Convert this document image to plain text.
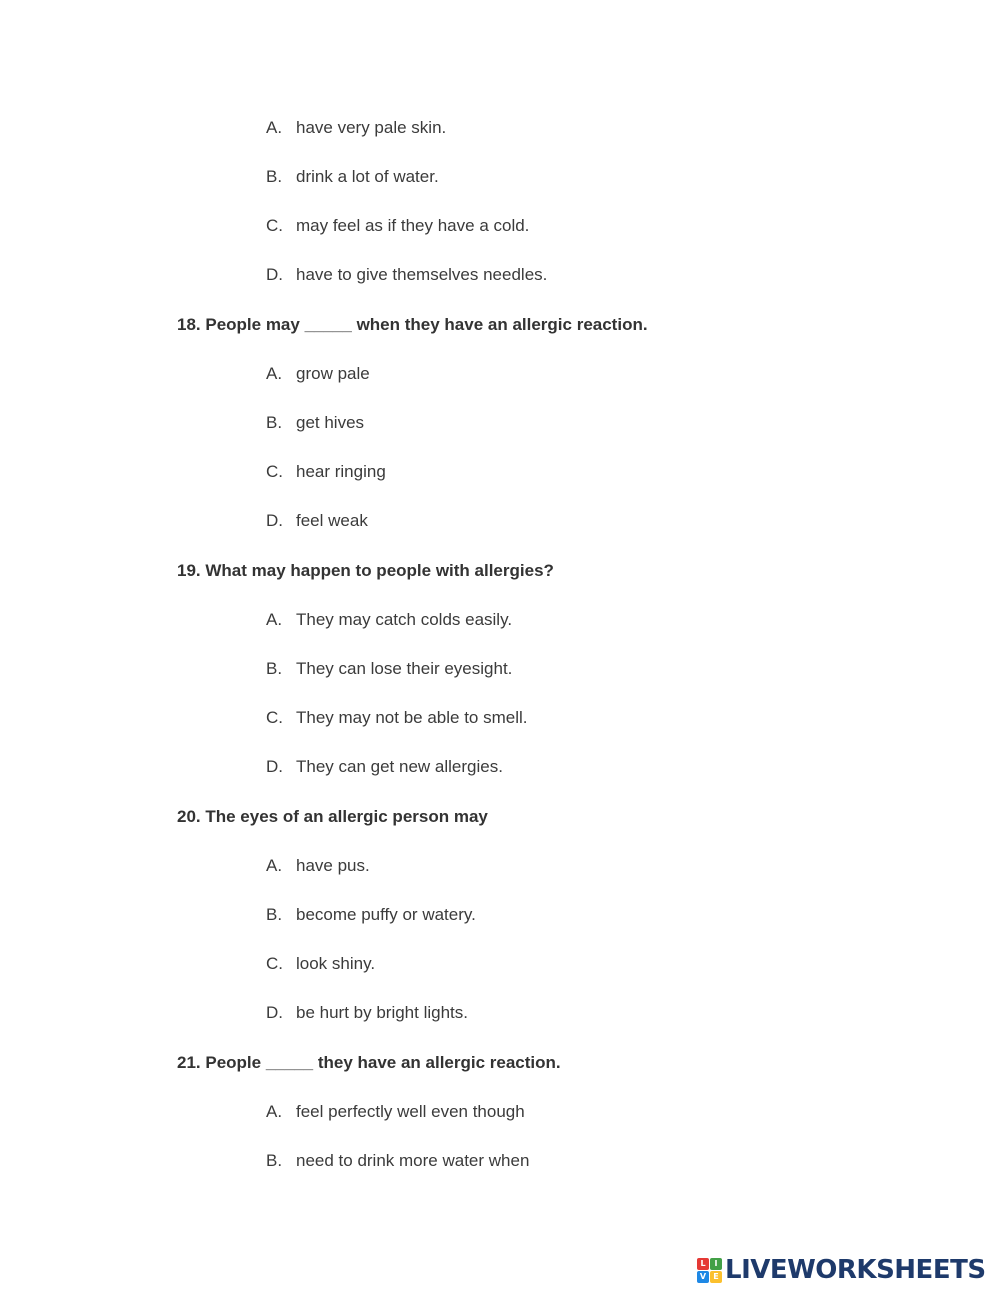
A. have very pale skin.
B. drink a lot of water.
C. may feel as if they have a cold.
D. have to give themselves needles.
18. People may _____ when they have an allergic reaction.
A. grow pale
B. get hives
C. hear ringing
D. feel weak
19. What may happen to people with allergies?
A. They may catch colds easily.
B. They can lose their eyesight.
C. They may not be able to smell.
D. They can get new allergies.
20. The eyes of an allergic person may
A. have pus.
B. become puffy or watery.
C. look shiny.
D. be hurt by bright lights.
21. People _____ they have an allergic reaction.
A. feel perfectly well even though
B. need to drink more water when
L	I
V E LIVEWORKSHEETS
